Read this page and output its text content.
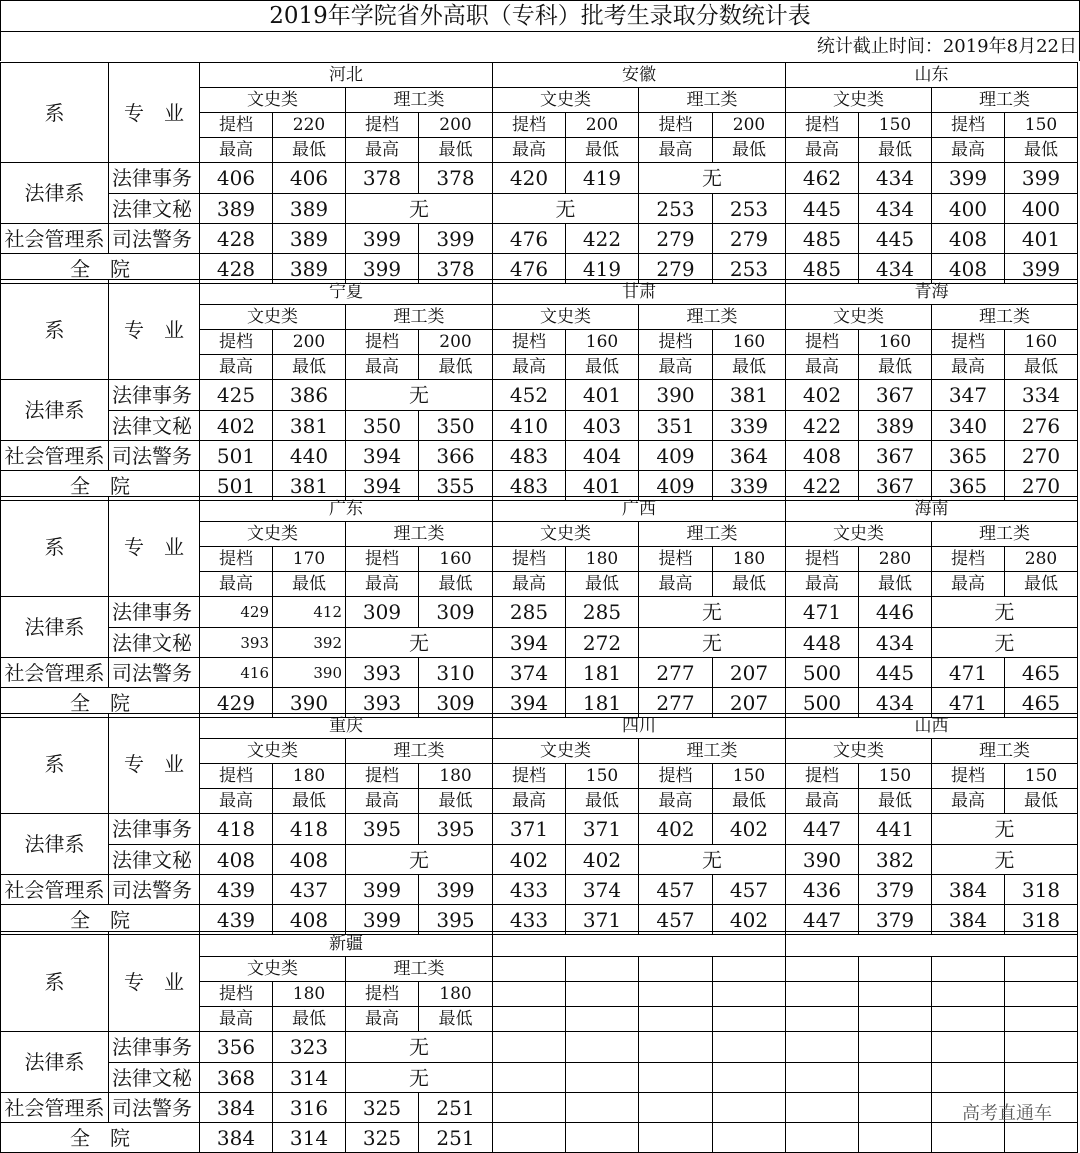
2019年学院省外高职（专科）批考生录取分数统计表
统计截止时间：2019年8月22日
系	专　业	河北				安徽				山东			
		文史类		理工类		文史类		理工类		文史类		理工类	
		提档	220	提档	200	提档	200	提档	200	提档	150	提档	150
		最高	最低	最高	最低	最高	最低	最高	最低	最高	最低	最高	最低
法律系	法律事务	406	406	378	378	420	419	无		462	434	399	399
	法律文秘	389	389	无		无		253	253	445	434	400	400
社会管理系	司法警务	428	389	399	399	476	422	279	279	485	445	408	401
全　院		428	389	399	378	476	419	279	253	485	434	408	399
系	专　业	宁夏				甘肃				青海			
		文史类		理工类		文史类		理工类		文史类		理工类	
		提档	200	提档	200	提档	160	提档	160	提档	160	提档	160
		最高	最低	最高	最低	最高	最低	最高	最低	最高	最低	最高	最低
法律系	法律事务	425	386	无		452	401	390	381	402	367	347	334
	法律文秘	402	381	350	350	410	403	351	339	422	389	340	276
社会管理系	司法警务	501	440	394	366	483	404	409	364	408	367	365	270
全　院		501	381	394	355	483	401	409	339	422	367	365	270
系	专　业	广东				广西				海南			
		文史类		理工类		文史类		理工类		文史类		理工类	
		提档	170	提档	160	提档	180	提档	180	提档	280	提档	280
		最高	最低	最高	最低	最高	最低	最高	最低	最高	最低	最高	最低
法律系	法律事务	429	412	309	309	285	285	无		471	446	无	
	法律文秘	393	392	无		394	272	无		448	434	无	
社会管理系	司法警务	416	390	393	310	374	181	277	207	500	445	471	465
全　院		429	390	393	309	394	181	277	207	500	434	471	465
系	专　业	重庆				四川				山西			
		文史类		理工类		文史类		理工类		文史类		理工类	
		提档	180	提档	180	提档	150	提档	150	提档	150	提档	150
		最高	最低	最高	最低	最高	最低	最高	最低	最高	最低	最高	最低
法律系	法律事务	418	418	395	395	371	371	402	402	447	441	无	
	法律文秘	408	408	无		402	402	无		390	382	无	
社会管理系	司法警务	439	437	399	399	433	374	457	457	436	379	384	318
全　院		439	408	399	395	433	371	457	402	447	379	384	318
系	专　业	新疆											
		文史类		理工类									
		提档	180	提档	180								
		最高	最低	最高	最低								
法律系	法律事务	356	323	无									
	法律文秘	368	314	无									
社会管理系	司法警务	384	316	325	251								
全　院		384	314	325	251								
高考直通车
